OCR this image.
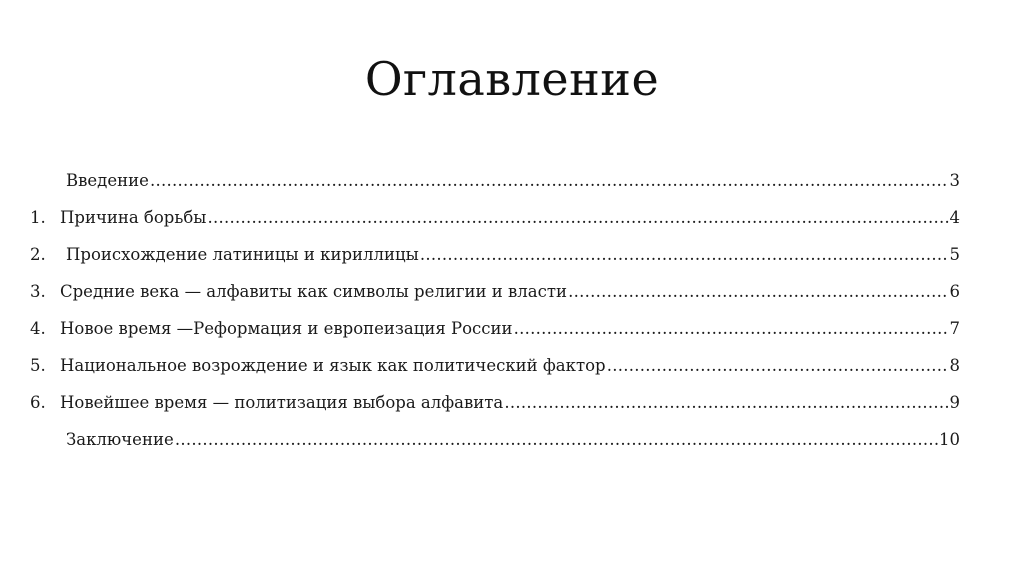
Оглавление
Введение ……………………………………………………………………………………………………………………………………………………………………………………………………………………	3
1. Причина борьбы ……………………………………………………………………………………………………………………………………………………………………………………………………………………	4
2.	Происхождение латиницы и кириллицы ……………………………………………………………………………………………………………………………………………………………………………………………………………………	5
3. Средние века — алфавиты как символы религии и власти ……………………………………………………………………………………………………………………………………………………………………………………………………………………	6
4. Новое время —Реформация и европеизация России ……………………………………………………………………………………………………………………………………………………………………………………………………………………	7
5. Национальное возрождение и язык как политический фактор ……………………………………………………………………………………………………………………………………………………………………………………………………………………	8
6. Новейшее время — политизация выбора алфавита ……………………………………………………………………………………………………………………………………………………………………………………………………………………	9
Заключение ……………………………………………………………………………………………………………………………………………………………………………………………………………………	10
